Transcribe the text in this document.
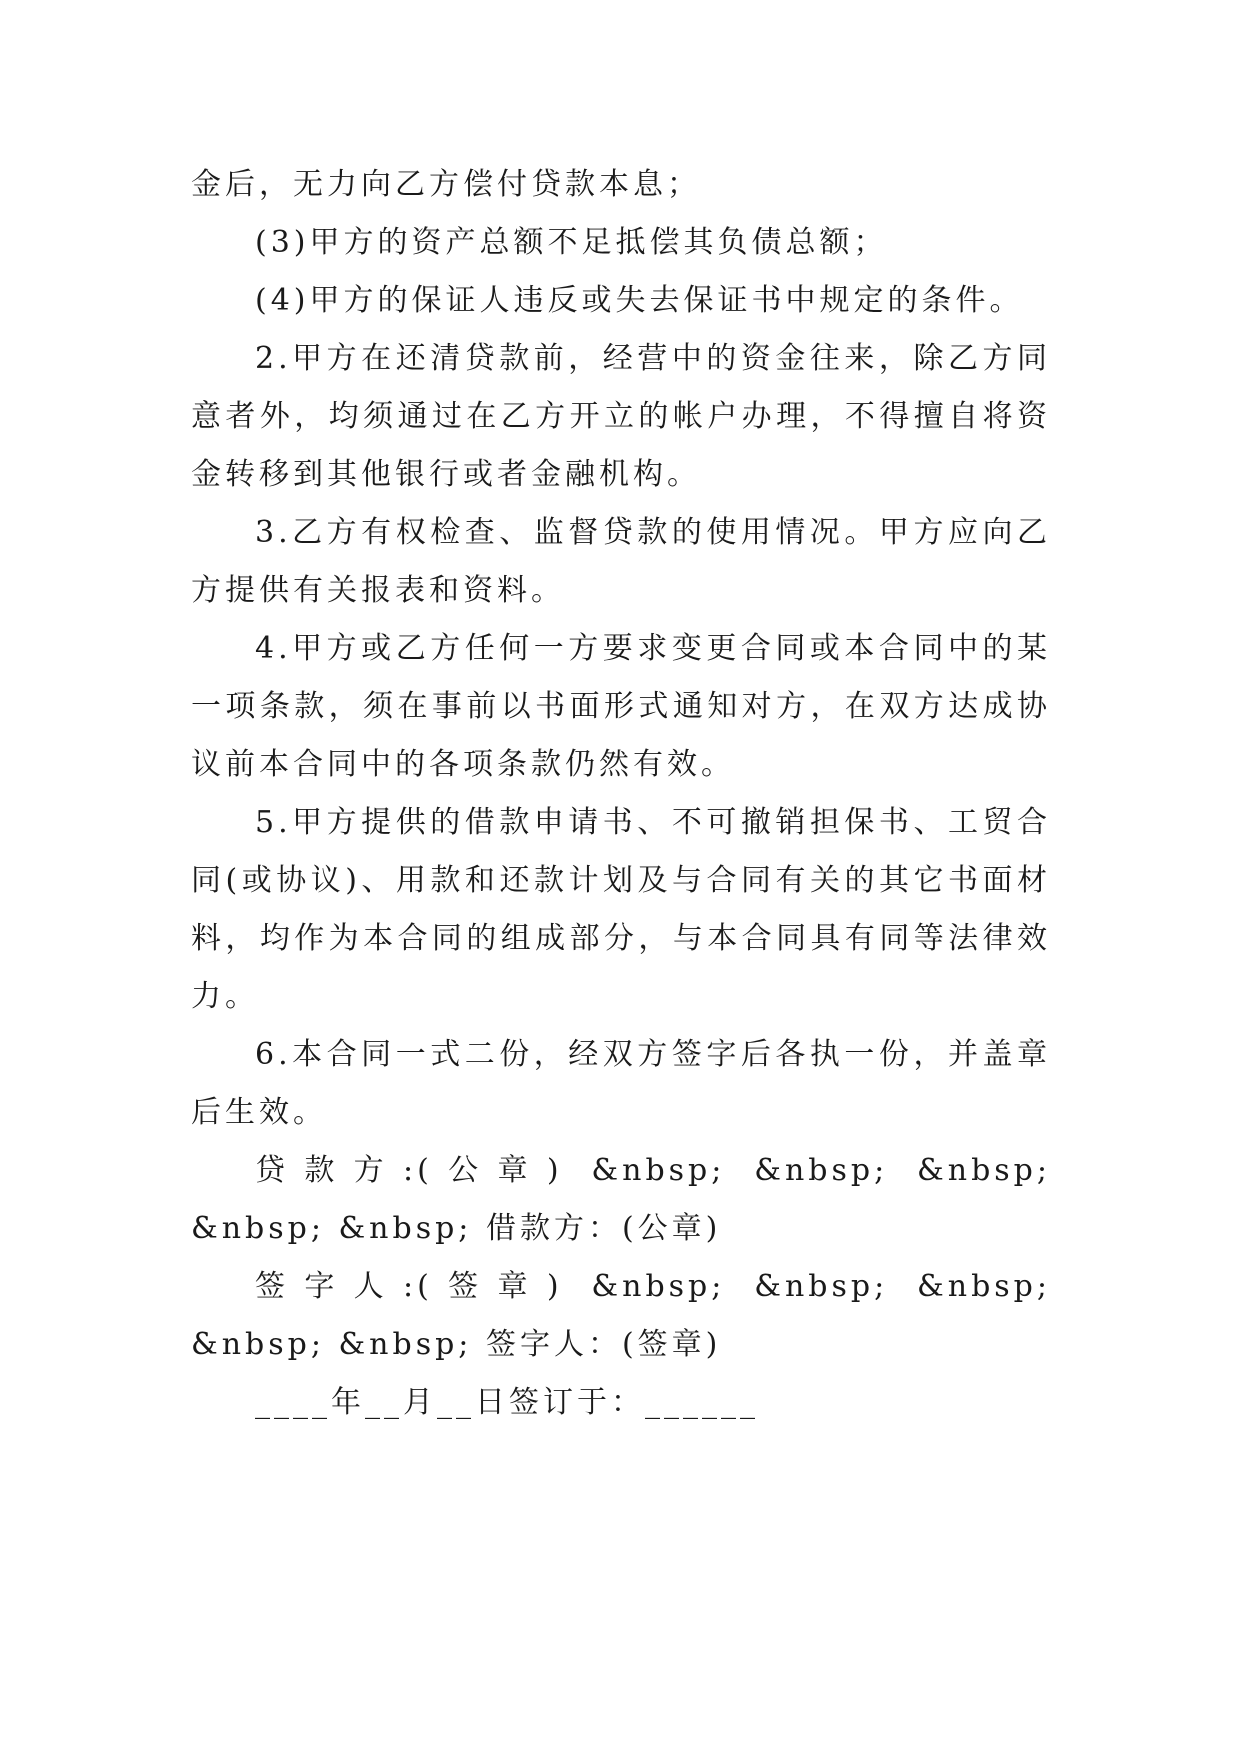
金后，无力向乙方偿付贷款本息；

(3)甲方的资产总额不足抵偿其负债总额；

(4)甲方的保证人违反或失去保证书中规定的条件。

2.甲方在还清贷款前，经营中的资金往来，除乙方同意者外，均须通过在乙方开立的帐户办理，不得擅自将资金转移到其他银行或者金融机构。

3.乙方有权检查、监督贷款的使用情况。甲方应向乙方提供有关报表和资料。

4.甲方或乙方任何一方要求变更合同或本合同中的某一项条款，须在事前以书面形式通知对方，在双方达成协议前本合同中的各项条款仍然有效。

5.甲方提供的借款申请书、不可撤销担保书、工贸合同(或协议)、用款和还款计划及与合同有关的其它书面材料，均作为本合同的组成部分，与本合同具有同等法律效力。

6.本合同一式二份，经双方签字后各执一份，并盖章后生效。

贷款方:(公章) &nbsp; &nbsp; &nbsp; &nbsp; &nbsp; 借款方：(公章)

签字人:(签章) &nbsp; &nbsp; &nbsp; &nbsp; &nbsp; 签字人：(签章)

____年__月__日签订于：______
